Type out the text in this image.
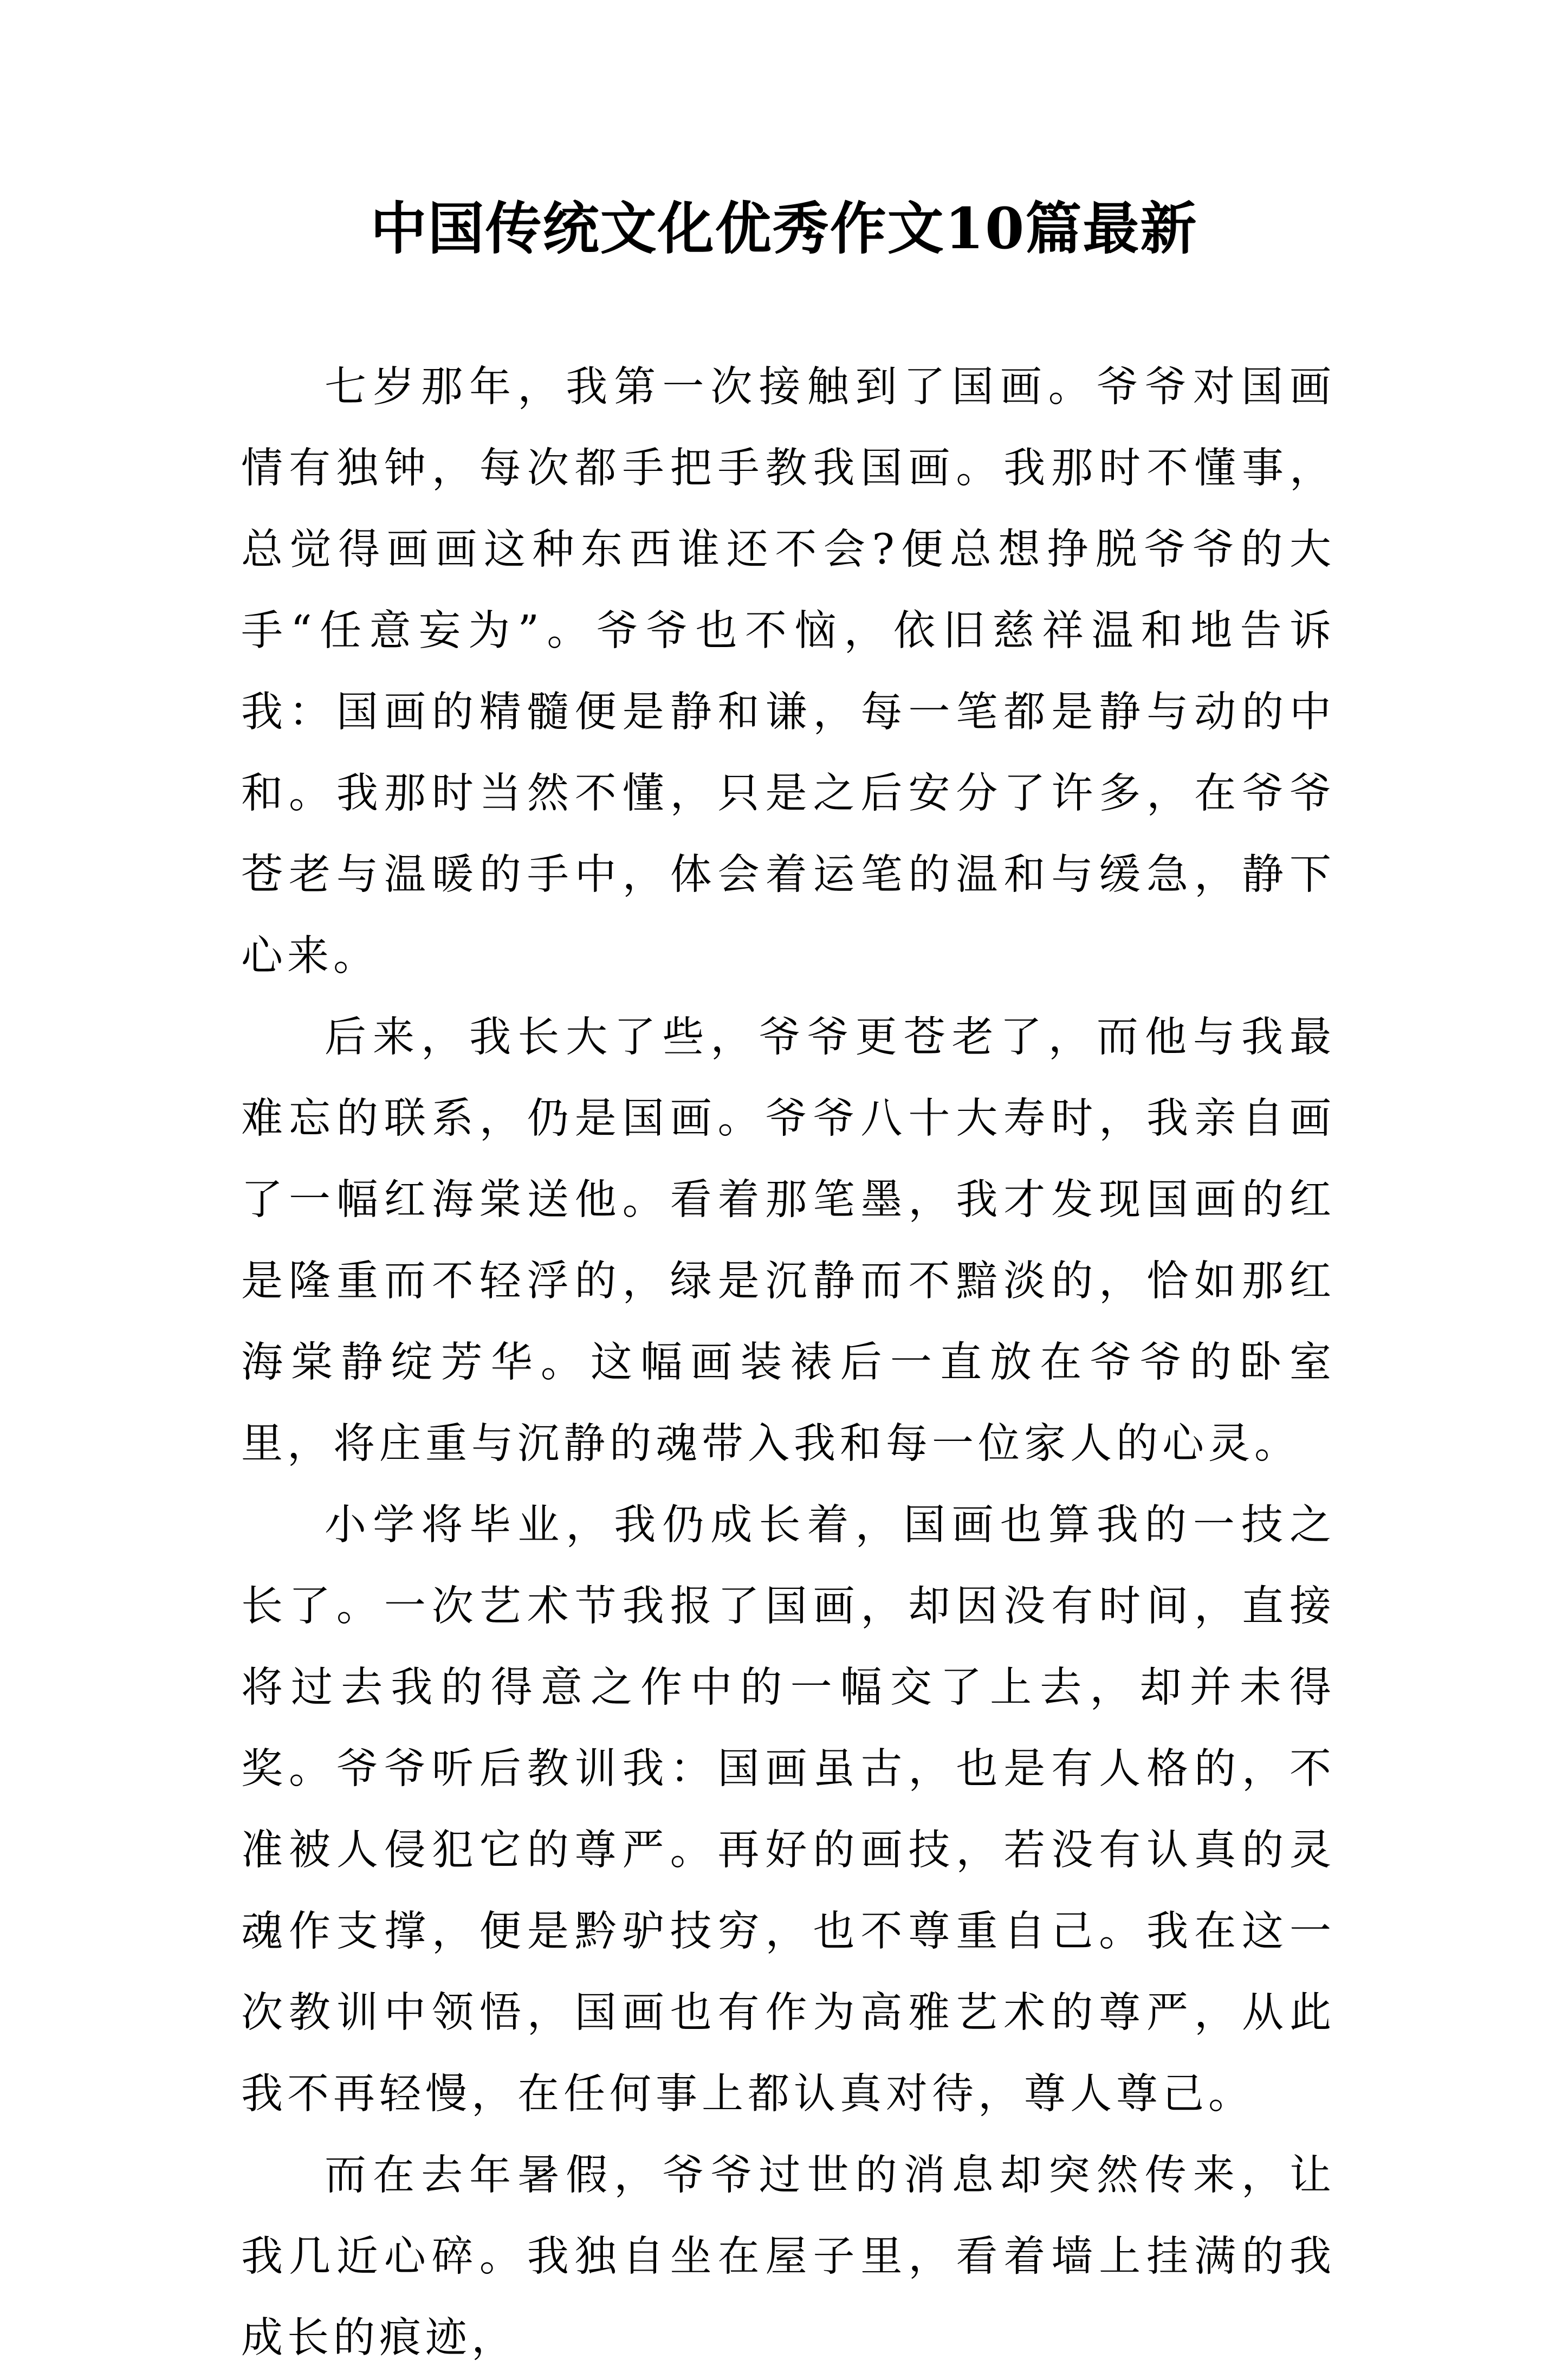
中国传统文化优秀作文10篇最新

七岁那年，我第一次接触到了国画。爷爷对国画情有独钟，每次都手把手教我国画。我那时不懂事，总觉得画画这种东西谁还不会?便总想挣脱爷爷的大手“任意妄为”。爷爷也不恼，依旧慈祥温和地告诉我：国画的精髓便是静和谦，每一笔都是静与动的中和。我那时当然不懂，只是之后安分了许多，在爷爷苍老与温暖的手中，体会着运笔的温和与缓急，静下心来。

后来，我长大了些，爷爷更苍老了，而他与我最难忘的联系，仍是国画。爷爷八十大寿时，我亲自画了一幅红海棠送他。看着那笔墨，我才发现国画的红是隆重而不轻浮的，绿是沉静而不黯淡的，恰如那红海棠静绽芳华。这幅画装裱后一直放在爷爷的卧室里，将庄重与沉静的魂带入我和每一位家人的心灵。

小学将毕业，我仍成长着，国画也算我的一技之长了。一次艺术节我报了国画，却因没有时间，直接将过去我的得意之作中的一幅交了上去，却并未得奖。爷爷听后教训我：国画虽古，也是有人格的，不准被人侵犯它的尊严。再好的画技，若没有认真的灵魂作支撑，便是黔驴技穷，也不尊重自己。我在这一次教训中领悟，国画也有作为高雅艺术的尊严，从此我不再轻慢，在任何事上都认真对待，尊人尊己。

而在去年暑假，爷爷过世的消息却突然传来，让我几近心碎。我独自坐在屋子里，看着墙上挂满的我成长的痕迹，
